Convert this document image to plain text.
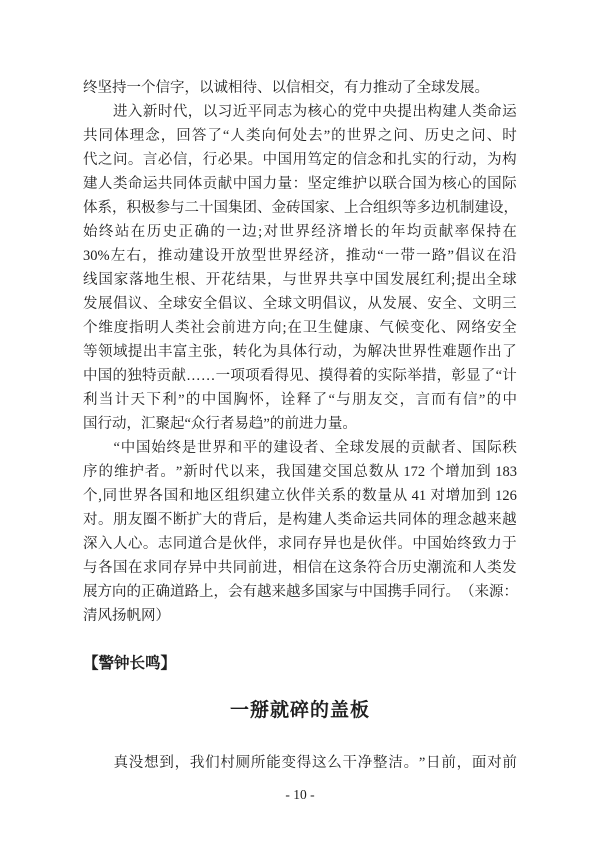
终坚持一个信字，以诚相待、以信相交，有力推动了全球发展。

进 入 新 时 代 ， 以 习 近 平 同 志 为 核 心 的 党 中 央 提 出 构 建 人 类 命 运
共 同 体 理 念 ， 回 答 了 “ 人 类 向 何 处 去 ” 的 世 界 之 问 、 历 史 之 问 、 时
代 之 问 。 言 必 信 ， 行 必 果 。 中 国 用 笃 定 的 信 念 和 扎 实 的 行 动 ， 为 构
建 人 类 命 运 共 同 体 贡 献 中 国 力 量 ： 坚 定 维 护 以 联 合 国 为 核 心 的 国 际
体 系 ， 积 极 参 与 二 十 国 集 团 、 金 砖 国 家 、 上 合 组 织 等 多 边 机 制 建 设 ，
始 终 站 在 历 史 正 确 的 一 边 ; 对 世 界 经 济 增 长 的 年 均 贡 献 率 保 持 在
30% 左 右 ， 推 动 建 设 开 放 型 世 界 经 济 ， 推 动 “ 一 带 一 路 ” 倡 议 在 沿
线 国 家 落 地 生 根 、 开 花 结 果 ， 与 世 界 共 享 中 国 发 展 红 利 ; 提 出 全 球
发 展 倡 议 、 全 球 安 全 倡 议 、 全 球 文 明 倡 议 ， 从 发 展 、 安 全 、 文 明 三
个 维 度 指 明 人 类 社 会 前 进 方 向 ; 在 卫 生 健 康 、 气 候 变 化 、 网 络 安 全
等 领 域 提 出 丰 富 主 张 ， 转 化 为 具 体 行 动 ， 为 解 决 世 界 性 难 题 作 出 了
中 国 的 独 特 贡 献 … … 一 项 项 看 得 见 、 摸 得 着 的 实 际 举 措 ， 彰 显 了 “ 计
利 当 计 天 下 利 ” 的 中 国 胸 怀 ， 诠 释 了 “ 与 朋 友 交 ， 言 而 有 信 ” 的 中
国行动，汇聚起“众行者易趋”的前进力量。

“ 中 国 始 终 是 世 界 和 平 的 建 设 者 、 全 球 发 展 的 贡 献 者 、 国 际 秩
序 的 维 护 者 。 ” 新 时 代 以 来 ， 我 国 建 交 国 总 数 从 172 个 增 加 到 183
个 , 同 世 界 各 国 和 地 区 组 织 建 立 伙 伴 关 系 的 数 量 从 41 对 增 加 到 126
对 。 朋 友 圈 不 断 扩 大 的 背 后 ， 是 构 建 人 类 命 运 共 同 体 的 理 念 越 来 越
深 入 人 心 。 志 同 道 合 是 伙 伴 ， 求 同 存 异 也 是 伙 伴 。 中 国 始 终 致 力 于
与 各 国 在 求 同 存 异 中 共 同 前 进 ， 相 信 在 这 条 符 合 历 史 潮 流 和 人 类 发
展 方 向 的 正 确 道 路 上 ， 会 有 越 来 越 多 国 家 与 中 国 携 手 同 行 。 （ 来 源 ：
清风扬帆网）
【警钟长鸣】
一掰就碎的盖板

真 没 想 到 ， 我 们 村 厕 所 能 变 得 这 么 干 净 整 洁 。 ” 日 前 ， 面 对 前
- 10 -
